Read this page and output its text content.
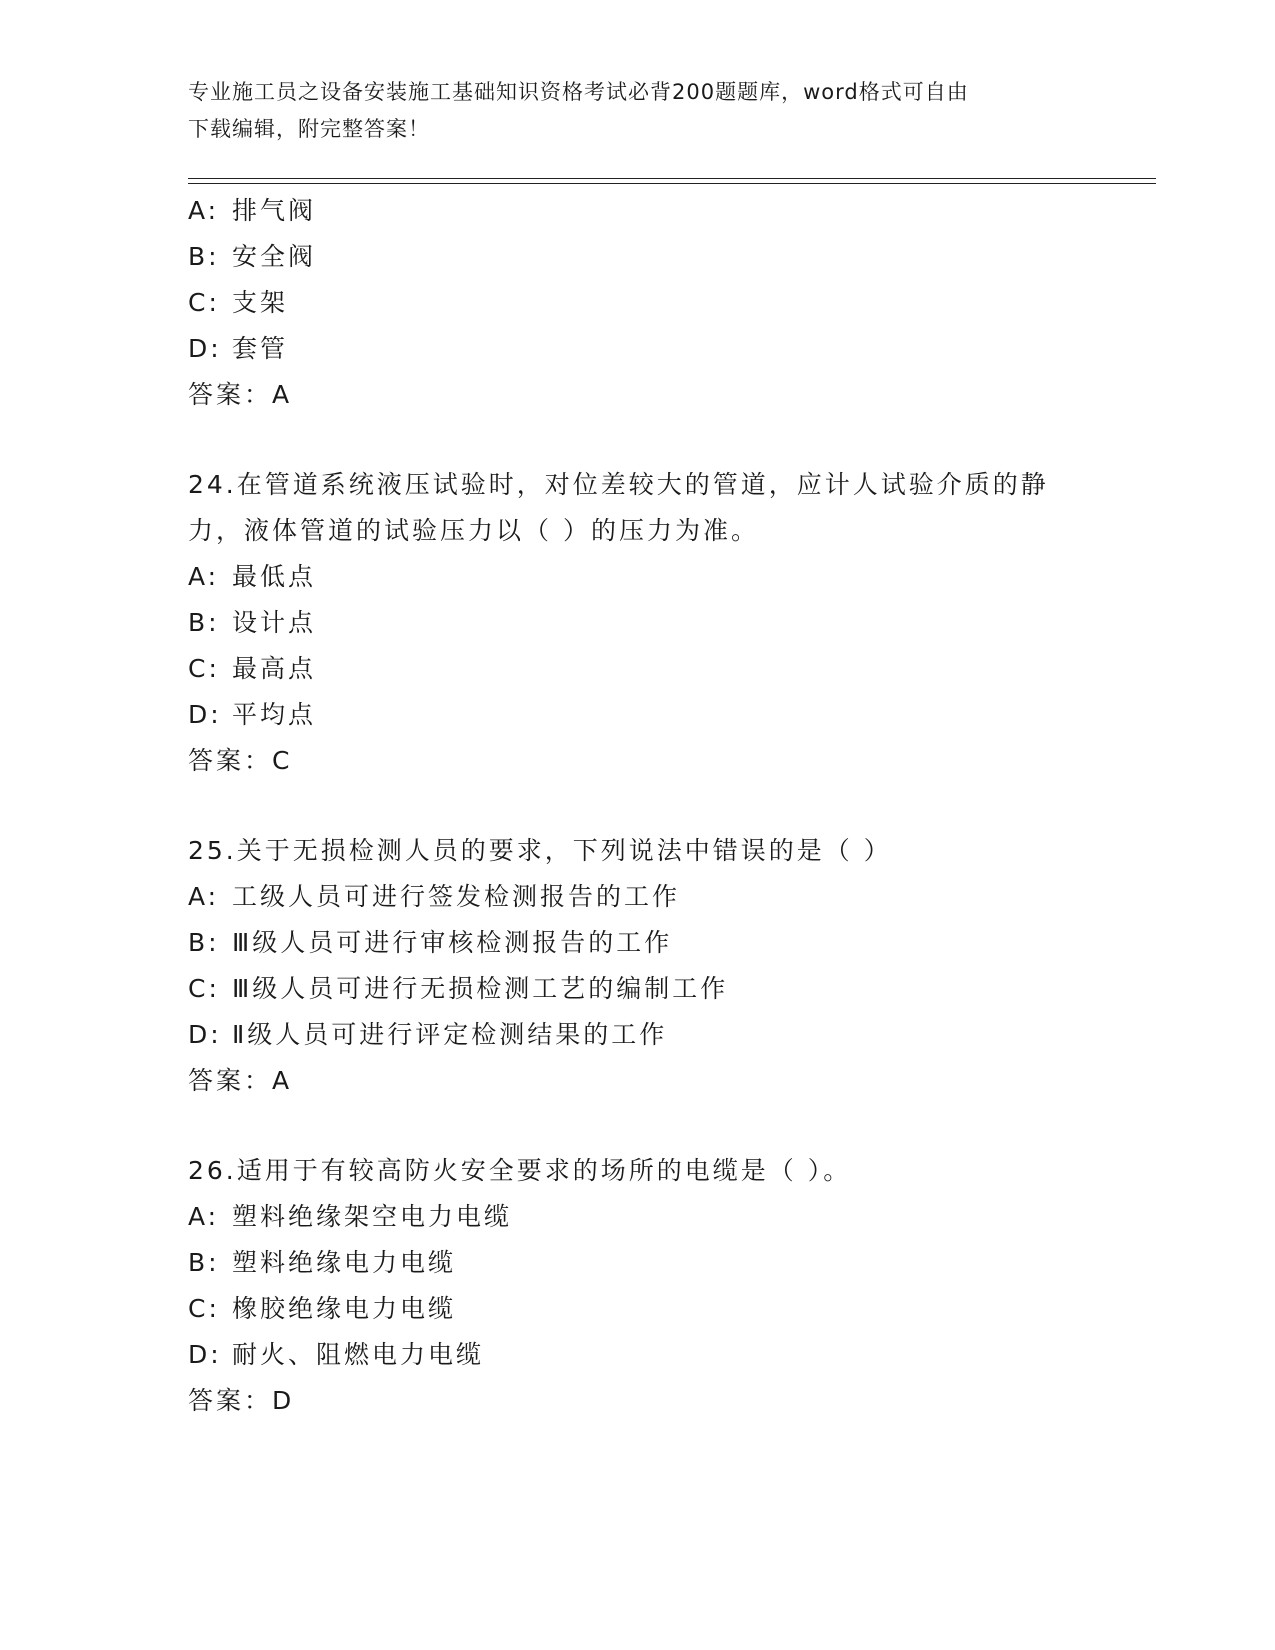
专业施工员之设备安装施工基础知识资格考试必背200题题库，word格式可自由
下载编辑，附完整答案！
A: 排气阀
B: 安全阀
C: 支架
D: 套管
答案：A
24.在管道系统液压试验时，对位差较大的管道，应计人试验介质的静
力，液体管道的试验压力以（ ）的压力为准。
A: 最低点
B: 设计点
C: 最高点
D: 平均点
答案：C
25.关于无损检测人员的要求，下列说法中错误的是（ ）
A: 工级人员可进行签发检测报告的工作
B: Ⅲ级人员可进行审核检测报告的工作
C: Ⅲ级人员可进行无损检测工艺的编制工作
D: Ⅱ级人员可进行评定检测结果的工作
答案：A
26.适用于有较高防火安全要求的场所的电缆是（ ）。
A: 塑料绝缘架空电力电缆
B: 塑料绝缘电力电缆
C: 橡胶绝缘电力电缆
D: 耐火、阻燃电力电缆
答案：D
